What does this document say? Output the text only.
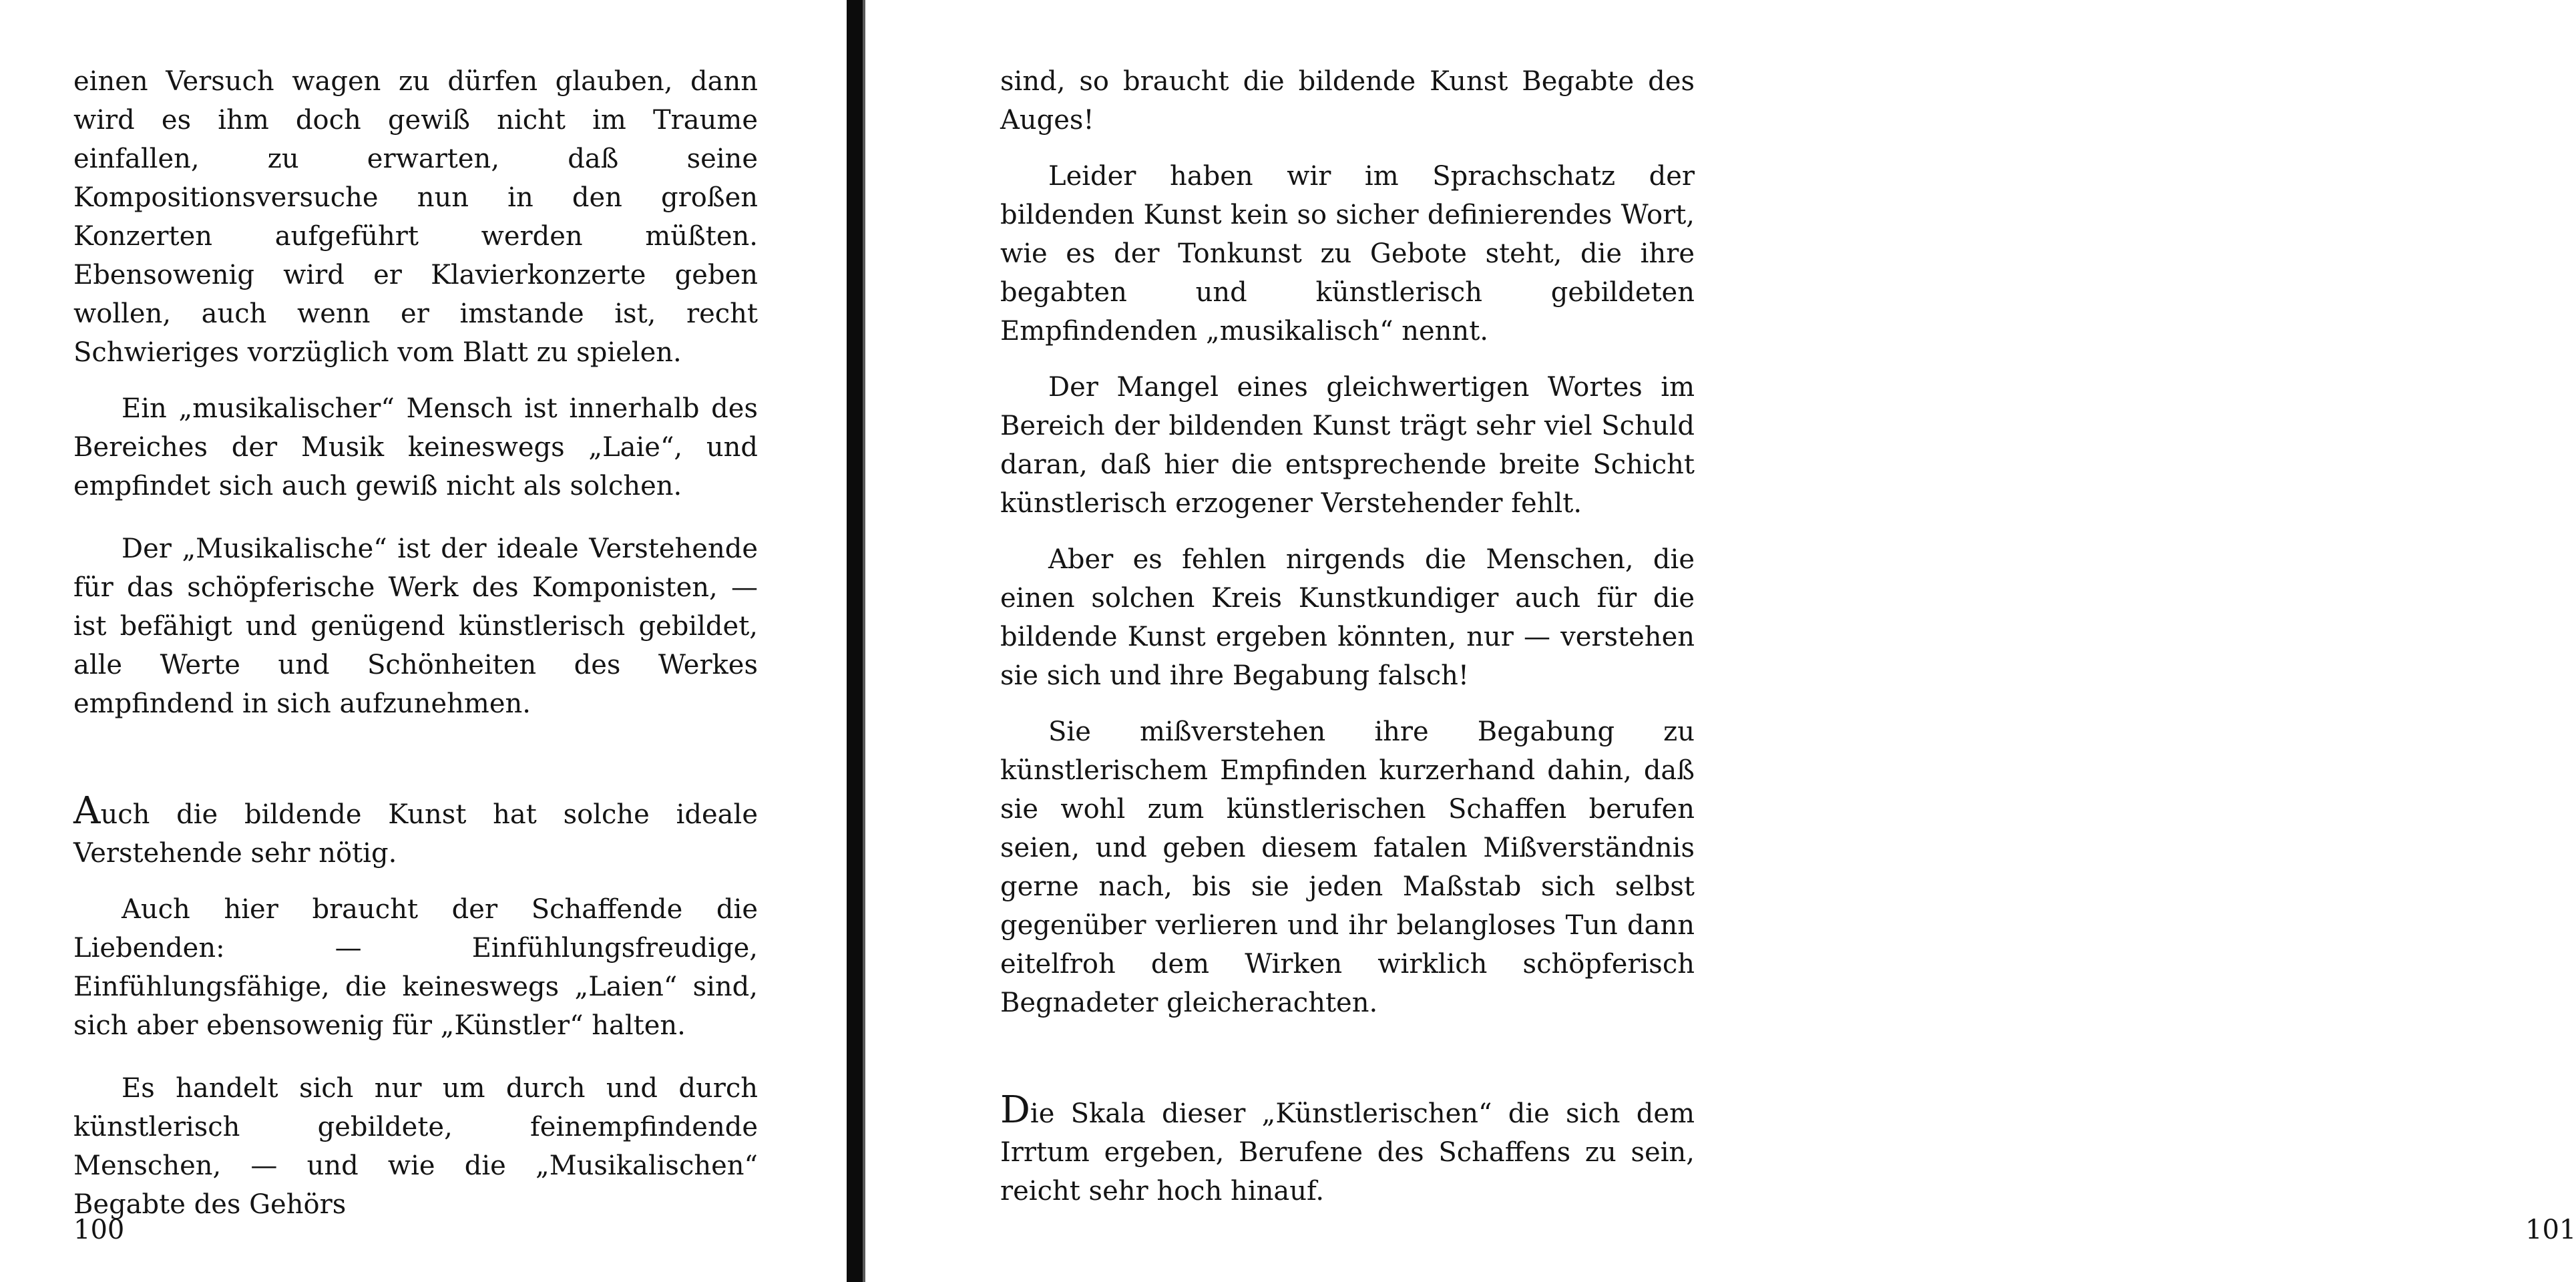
einen Versuch wagen zu dürfen glauben, dann wird es ihm doch gewiß nicht im Traume einfallen, zu erwarten, daß seine Kompositionsversuche nun in den großen Konzerten aufgeführt werden müßten. Ebensowenig wird er Klavierkonzerte geben wollen, auch wenn er imstande ist, recht Schwieriges vorzüglich vom Blatt zu spielen.

Ein „musikalischer“ Mensch ist innerhalb des Bereiches der Musik keineswegs „Laie“, und empfindet sich auch gewiß nicht als solchen.

Der „Musikalische“ ist der ideale Verstehende für das schöpferische Werk des Komponisten, — ist befähigt und genügend künstlerisch gebildet, alle Werte und Schönheiten des Werkes empfindend in sich aufzunehmen.

Auch die bildende Kunst hat solche ideale Verstehende sehr nötig.

Auch hier braucht der Schaffende die Liebenden: — Einfühlungsfreudige, Einfühlungsfähige, die keineswegs „Laien“ sind, sich aber ebensowenig für „Künstler“ halten.

Es handelt sich nur um durch und durch künstlerisch gebildete, feinempfindende Menschen, — und wie die „Musikalischen“ Begabte des Gehörs

100	101

sind, so braucht die bildende Kunst Begabte des Auges!

Leider haben wir im Sprachschatz der bildenden Kunst kein so sicher definierendes Wort, wie es der Tonkunst zu Gebote steht, die ihre begabten und künstlerisch gebildeten Empfindenden „musikalisch“ nennt.

Der Mangel eines gleichwertigen Wortes im Bereich der bildenden Kunst trägt sehr viel Schuld daran, daß hier die entsprechende breite Schicht künstlerisch erzogener Verstehender fehlt.

Aber es fehlen nirgends die Menschen, die einen solchen Kreis Kunstkundiger auch für die bildende Kunst ergeben könnten, nur — verstehen sie sich und ihre Begabung falsch!

Sie mißverstehen ihre Begabung zu künstlerischem Empfinden kurzerhand dahin, daß sie wohl zum künstlerischen Schaffen berufen seien, und geben diesem fatalen Mißverständnis gerne nach, bis sie jeden Maßstab sich selbst gegenüber verlieren und ihr belangloses Tun dann eitelfroh dem Wirken wirklich schöpferisch Begnadeter gleicherachten.

Die Skala dieser „Künstlerischen“ die sich dem Irrtum ergeben, Berufene des Schaffens zu sein, reicht sehr hoch hinauf.
